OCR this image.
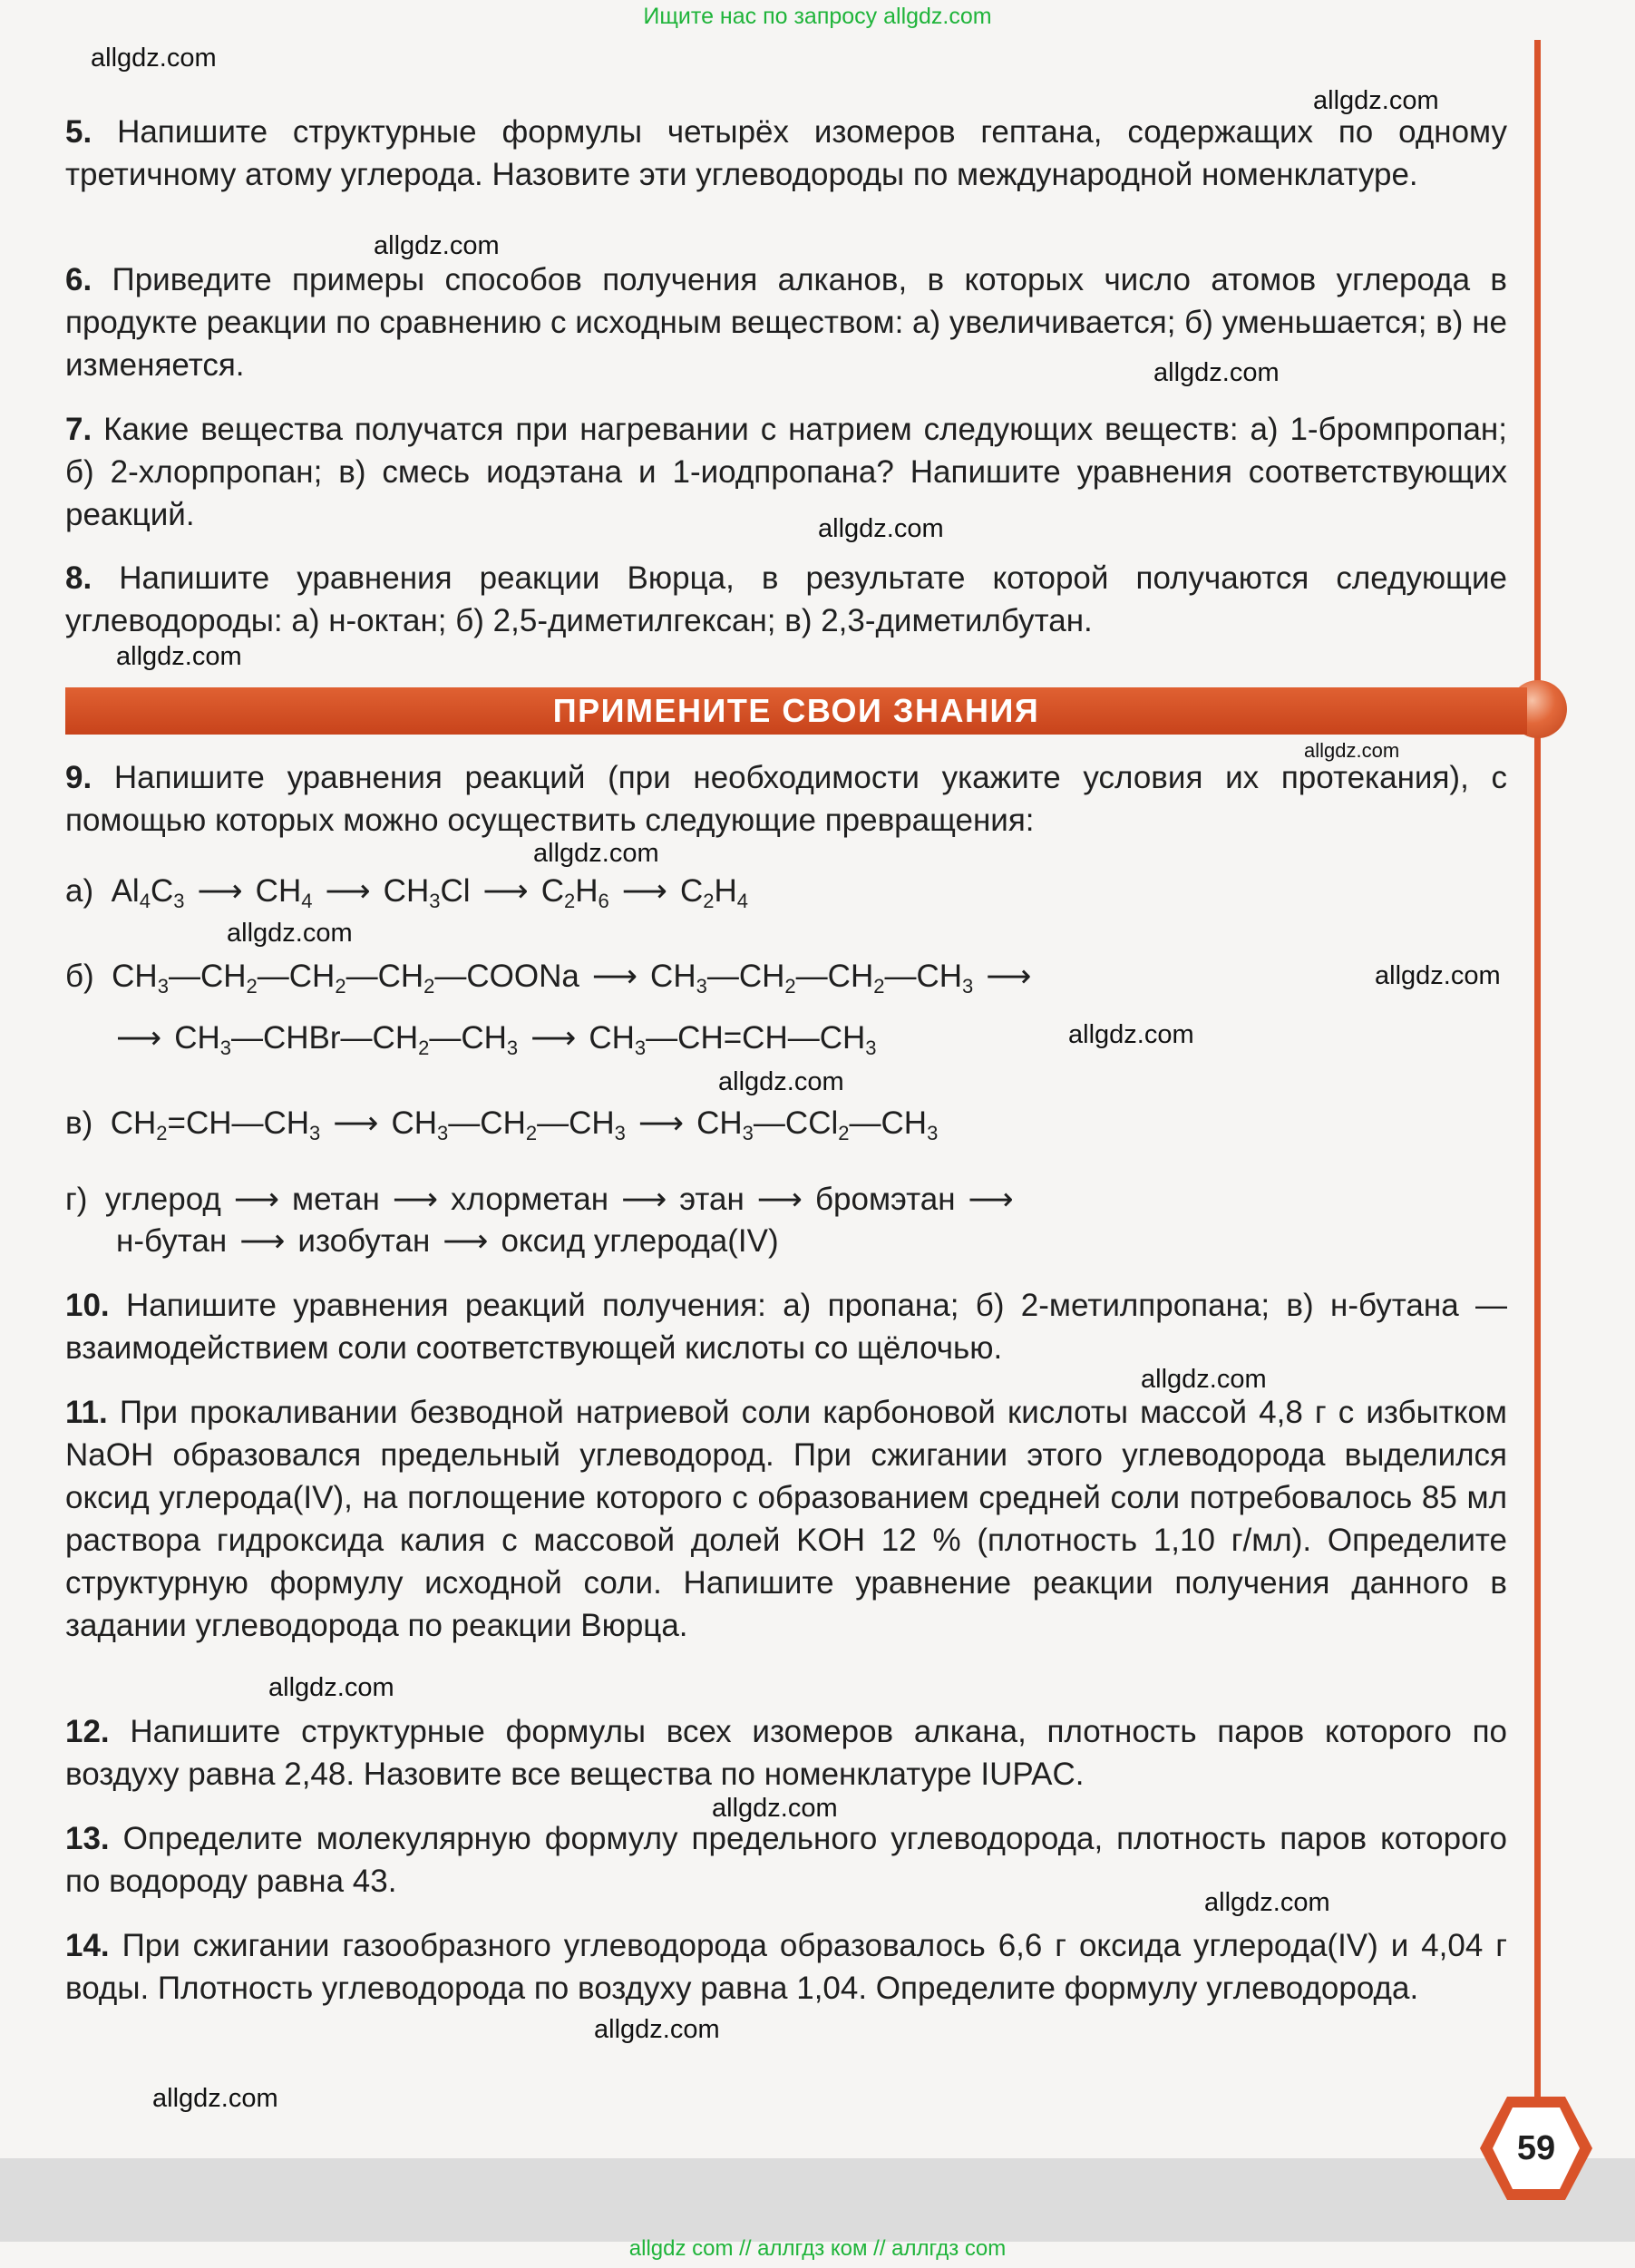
Ищите нас по запросу allgdz.com
allgdz.com
allgdz.com
allgdz.com
allgdz.com
allgdz.com
allgdz.com
allgdz.com
allgdz.com
allgdz.com
allgdz.com
allgdz.com
allgdz.com
allgdz.com
allgdz.com
allgdz.com
allgdz.com
allgdz.com
allgdz.com
5. Напишите структурные формулы четырёх изомеров гептана, содержащих по одному третичному атому углерода. Назовите эти углеводороды по международной номенклатуре.
6. Приведите примеры способов получения алканов, в которых число атомов углерода в продукте реакции по сравнению с исходным веществом: а) увеличивается; б) уменьшается; в) не изменяется.
7. Какие вещества получатся при нагревании с натрием следующих веществ: а) 1-бромпропан; б) 2-хлорпропан; в) смесь иодэтана и 1-иодпропана? Напишите уравнения соответствующих реакций.
8. Напишите уравнения реакции Вюрца, в результате которой получаются следующие углеводороды: а) н-октан; б) 2,5-диметилгексан; в) 2,3-диметилбутан.
ПРИМЕНИТЕ СВОИ ЗНАНИЯ
9. Напишите уравнения реакций (при необходимости укажите условия их протекания), с помощью которых можно осуществить следующие превращения:
а)  $Al_4C_3$ ⟶ $CH_4$ ⟶ $CH_3Cl$ ⟶ $C_2H_6$ ⟶ $C_2H_4$
б)  $CH_3—CH_2—CH_2—CH_2—COONa$ ⟶ $CH_3—CH_2—CH_2—CH_3$ ⟶
⟶ $CH_3—CHBr—CH_2—CH_3$ ⟶ $CH_3—CH=CH—CH_3$
в)  $CH_2=CH—CH_3$ ⟶ $CH_3—CH_2—CH_3$ ⟶ $CH_3—CCl_2—CH_3$
г) углерод ⟶ метан ⟶ хлорметан ⟶ этан ⟶ бромэтан ⟶
н-бутан ⟶ изобутан ⟶ оксид углерода(IV)
10. Напишите уравнения реакций получения: а) пропана; б) 2-метилпропана; в) н-бутана — взаимодействием соли соответствующей кислоты со щёлочью.
11. При прокаливании безводной натриевой соли карбоновой кислоты массой 4,8 г с избытком NaOH образовался предельный углеводород. При сжигании этого углеводорода выделился оксид углерода(IV), на поглощение которого с образованием средней соли потребовалось 85 мл раствора гидроксида калия с массовой долей KOH 12 % (плотность 1,10 г/мл). Определите структурную формулу исходной соли. Напишите уравнение реакции получения данного в задании углеводорода по реакции Вюрца.
12. Напишите структурные формулы всех изомеров алкана, плотность паров которого по воздуху равна 2,48. Назовите все вещества по номенклатуре IUPAC.
13. Определите молекулярную формулу предельного углеводорода, плотность паров которого по водороду равна 43.
14. При сжигании газообразного углеводорода образовалось 6,6 г оксида углерода(IV) и 4,04 г воды. Плотность углеводорода по воздуху равна 1,04. Определите формулу углеводорода.
59
allgdz com // аллгдз ком // аллгдз com
